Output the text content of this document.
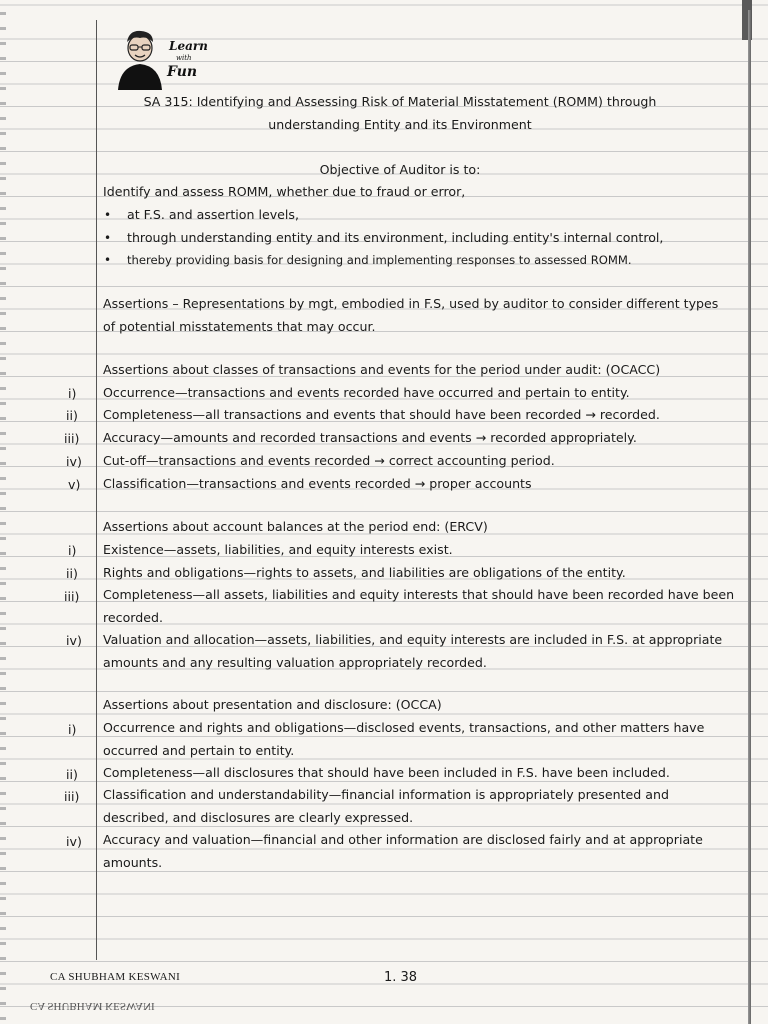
Learn
with
Fun
SA 315: Identifying and Assessing Risk of Material Misstatement (ROMM) through
understanding Entity and its Environment
Objective of Auditor is to:
Identify and assess ROMM, whether due to fraud or error,
• at F.S. and assertion levels,
• through understanding entity and its environment, including entity's internal control,
• thereby providing basis for designing and implementing responses to assessed ROMM.
Assertions – Representations by mgt, embodied in F.S, used by auditor to consider different types
of potential misstatements that may occur.
Assertions about classes of transactions and events for the period under audit: (OCACC)
i) Occurrence—transactions and events recorded have occurred and pertain to entity.
ii) Completeness—all transactions and events that should have been recorded → recorded.
iii) Accuracy—amounts and recorded transactions and events → recorded appropriately.
iv) Cut-off—transactions and events recorded → correct accounting period.
v) Classification—transactions and events recorded → proper accounts
Assertions about account balances at the period end: (ERCV)
i) Existence—assets, liabilities, and equity interests exist.
ii) Rights and obligations—rights to assets, and liabilities are obligations of the entity.
iii) Completeness—all assets, liabilities and equity interests that should have been recorded have been
recorded.
iv) Valuation and allocation—assets, liabilities, and equity interests are included in F.S. at appropriate
amounts and any resulting valuation appropriately recorded.
Assertions about presentation and disclosure: (OCCA)
i) Occurrence and rights and obligations—disclosed events, transactions, and other matters have
occurred and pertain to entity.
ii) Completeness—all disclosures that should have been included in F.S. have been included.
iii) Classification and understandability—financial information is appropriately presented and
described, and disclosures are clearly expressed.
iv) Accuracy and valuation—financial and other information are disclosed fairly and at appropriate
amounts.
CA SHUBHAM KESWANI	1. 38
CA SHUBHAM KESWANI
